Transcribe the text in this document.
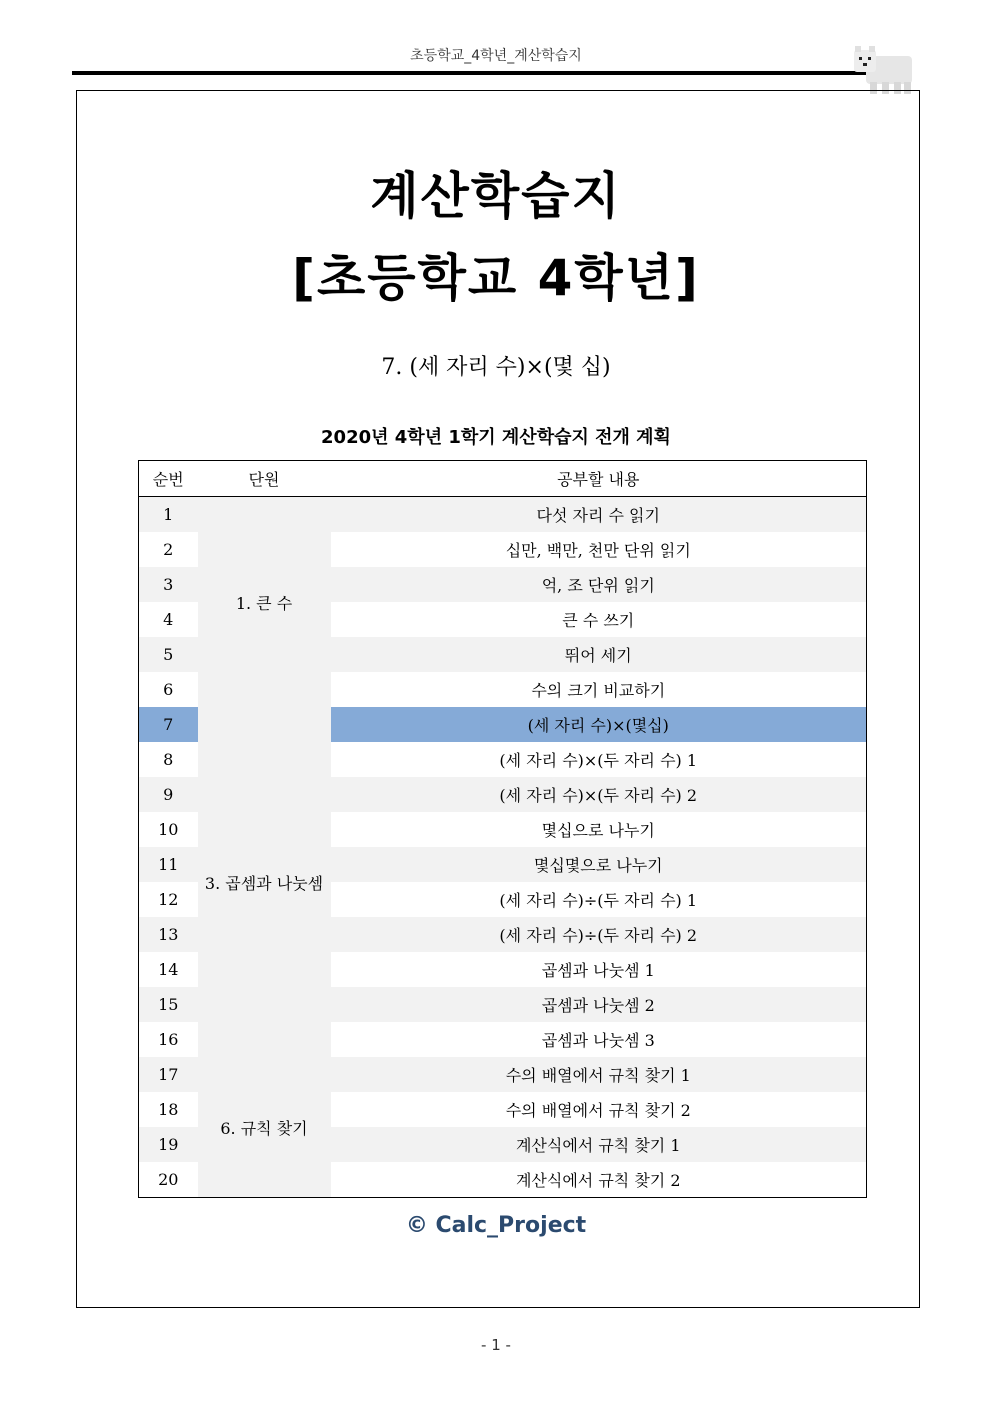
초등학교_4학년_계산학습지
계산학습지
[초등학교 4학년]
7. (세 자리 수)×(몇 십)
2020년 4학년 1학기 계산학습지 전개 계획
순번	단원	공부할 내용
1	1. 큰 수	다섯 자리 수 읽기
2		십만, 백만, 천만 단위 읽기
3		억, 조 단위 읽기
4		큰 수 쓰기
5		뛰어 세기
6		수의 크기 비교하기
7	3. 곱셈과 나눗셈	(세 자리 수)×(몇십)
8		(세 자리 수)×(두 자리 수) 1
9		(세 자리 수)×(두 자리 수) 2
10		몇십으로 나누기
11		몇십몇으로 나누기
12		(세 자리 수)÷(두 자리 수) 1
13		(세 자리 수)÷(두 자리 수) 2
14		곱셈과 나눗셈 1
15		곱셈과 나눗셈 2
16		곱셈과 나눗셈 3
17	6. 규칙 찾기	수의 배열에서 규칙 찾기 1
18		수의 배열에서 규칙 찾기 2
19		계산식에서 규칙 찾기 1
20		계산식에서 규칙 찾기 2
© Calc_Project
- 1 -
